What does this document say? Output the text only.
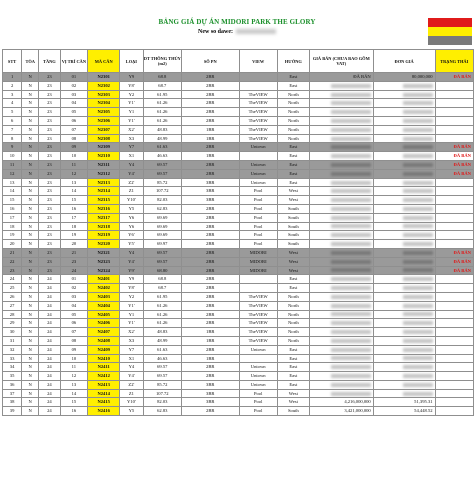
BẢNG GIÁ DỰ ÁN MIDORI PARK THE GLORY
New so dawe:
STT	TÒA	TẦNG	VỊ TRÍ CĂN	MÃ CĂN	LOẠI	DT THÔNG THỦY (m2)	SỐ PN	VIEW	HƯỚNG	GIÁ BÁN (CHƯA BAO GỒM VAT)	ĐƠN GIÁ	TRẠNG THÁI
1	N	23	01	N2301	Y9	68.8	2BR		East	ĐÃ BÁN	80,000,000	ĐÃ BÁN
2	N	23	02	N2302	Y8'	68.7	2BR		East			
3	N	23	03	N2303	Y2	61.95	2BR	TheVIEW	North			
4	N	23	04	N2304	Y1'	61.26	2BR	TheVIEW	North			
5	N	23	05	N2305	Y1	61.26	2BR	TheVIEW	North			
6	N	23	06	N2306	Y1'	61.26	2BR	TheVIEW	North			
7	N	23	07	N2307	X2'	48.83	1BR	TheVIEW	North			
8	N	23	08	N2308	X3	48.99	1BR	TheVIEW	North			
9	N	23	09	N2309	Y7	61.63	2BR	Untown	East			ĐÃ BÁN
10	N	23	10	N2310	X1	46.63	1BR		East			ĐÃ BÁN
11	N	23	11	N2311	Y4	69.57	2BR	Untown	East			ĐÃ BÁN
12	N	23	12	N2312	Y4'	69.57	2BR	Untown	East			ĐÃ BÁN
13	N	23	13	N2313	Z2'	85.72	3BR	Untown	East			
14	N	23	14	N2314	Z1	107.72	3BR	Pool	West			
15	N	23	15	N2315	Y10'	82.03	3BR	Pool	West			
16	N	23	16	N2316	Y5	62.83	2BR	Pool	South			
17	N	23	17	N2317	Y6	69.69	2BR	Pool	South			
18	N	23	18	N2318	Y6	69.69	2BR	Pool	South			
19	N	23	19	N2319	Y6'	69.69	2BR	Pool	South			
20	N	23	20	N2320	Y5'	69.97	2BR	Pool	South			
21	N	23	21	N2321	Y4	69.57	2BR	MIDORI	West			ĐÃ BÁN
22	N	23	23	N2323	Y4'	69.57	2BR	MIDORI	West			ĐÃ BÁN
23	N	23	24	N2324	Y9'	68.80	2BR	MIDORI	West			ĐÃ BÁN
24	N	24	01	N2401	Y9	68.8	2BR		East			
25	N	24	02	N2402	Y8'	68.7	2BR		East			
26	N	24	03	N2403	Y2	61.95	2BR	TheVIEW	North			
27	N	24	04	N2404	Y1'	61.26	2BR	TheVIEW	North			
28	N	24	05	N2405	Y1	61.26	2BR	TheVIEW	North			
29	N	24	06	N2406	Y1'	61.26	2BR	TheVIEW	North			
30	N	24	07	N2407	X2'	48.83	1BR	TheVIEW	North			
31	N	24	08	N2408	X3	48.99	1BR	TheVIEW	North			
32	N	24	09	N2409	Y7	61.63	2BR	Untown	East			
33	N	24	10	N2410	X1	46.63	1BR		East			
34	N	24	11	N2411	Y4	69.57	2BR	Untown	East			
35	N	24	12	N2412	Y4'	69.57	2BR	Untown	East			
36	N	24	13	N2413	Z2'	85.72	3BR	Untown	East			
37	N	24	14	N2414	Z1	107.72	3BR	Pool	West			
38	N	24	15	N2415	Y10'	82.03	3BR	Pool	West	4,216,000,000	51,395.31	
39	N	24	16	N2416	Y5	62.83	2BR	Pool	South	3,421,000,000	54,448.52	
